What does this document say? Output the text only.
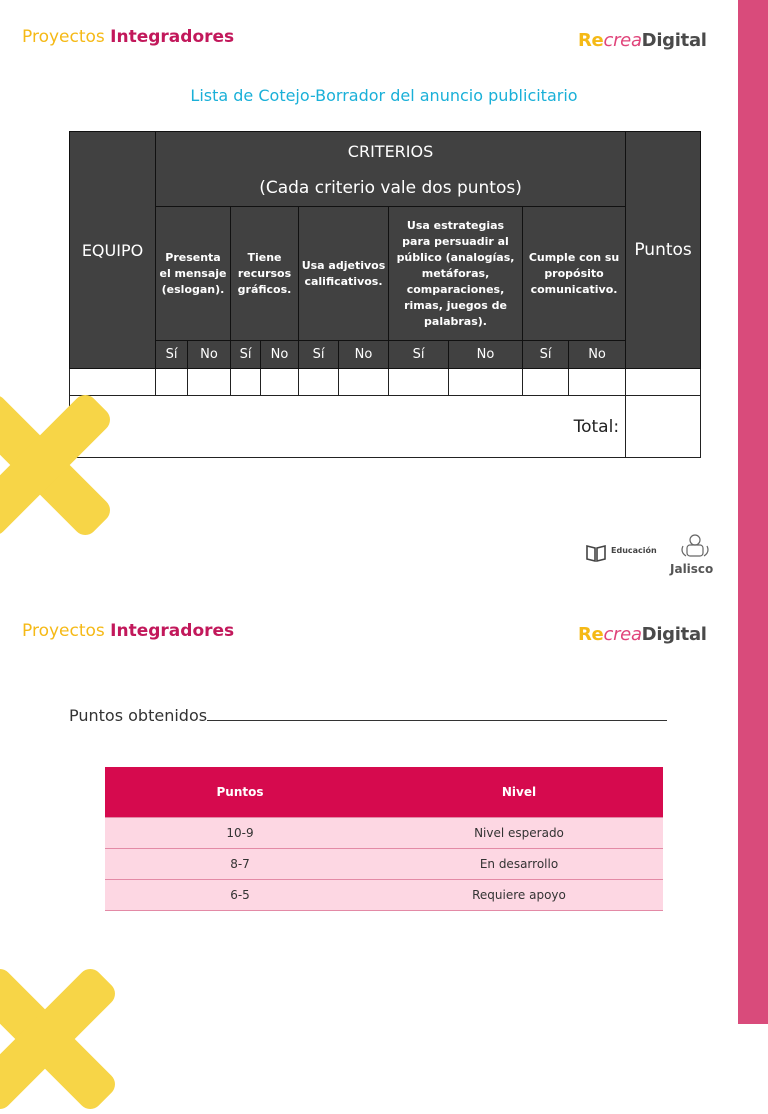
Proyectos Integradores	RecreaDigital
Lista de Cotejo-Borrador del anuncio publicitario
EQUIPO	CRITERIOS
(Cada criterio vale dos puntos)										Puntos
	Presenta el mensaje (eslogan).		Tiene recursos gráficos.		Usa adjetivos calificativos.		Usa estrategias para persuadir al público (analogías, metáforas, comparaciones, rimas, juegos de palabras).		Cumple con su propósito comunicativo.		
	Sí	No	Sí	No	Sí	No	Sí	No	Sí	No	

Total:											
Educación
Jalisco
Proyectos Integradores	RecreaDigital
Puntos obtenidos
Puntos	Nivel
10-9	Nivel esperado
8-7	En desarrollo
6-5	Requiere apoyo
